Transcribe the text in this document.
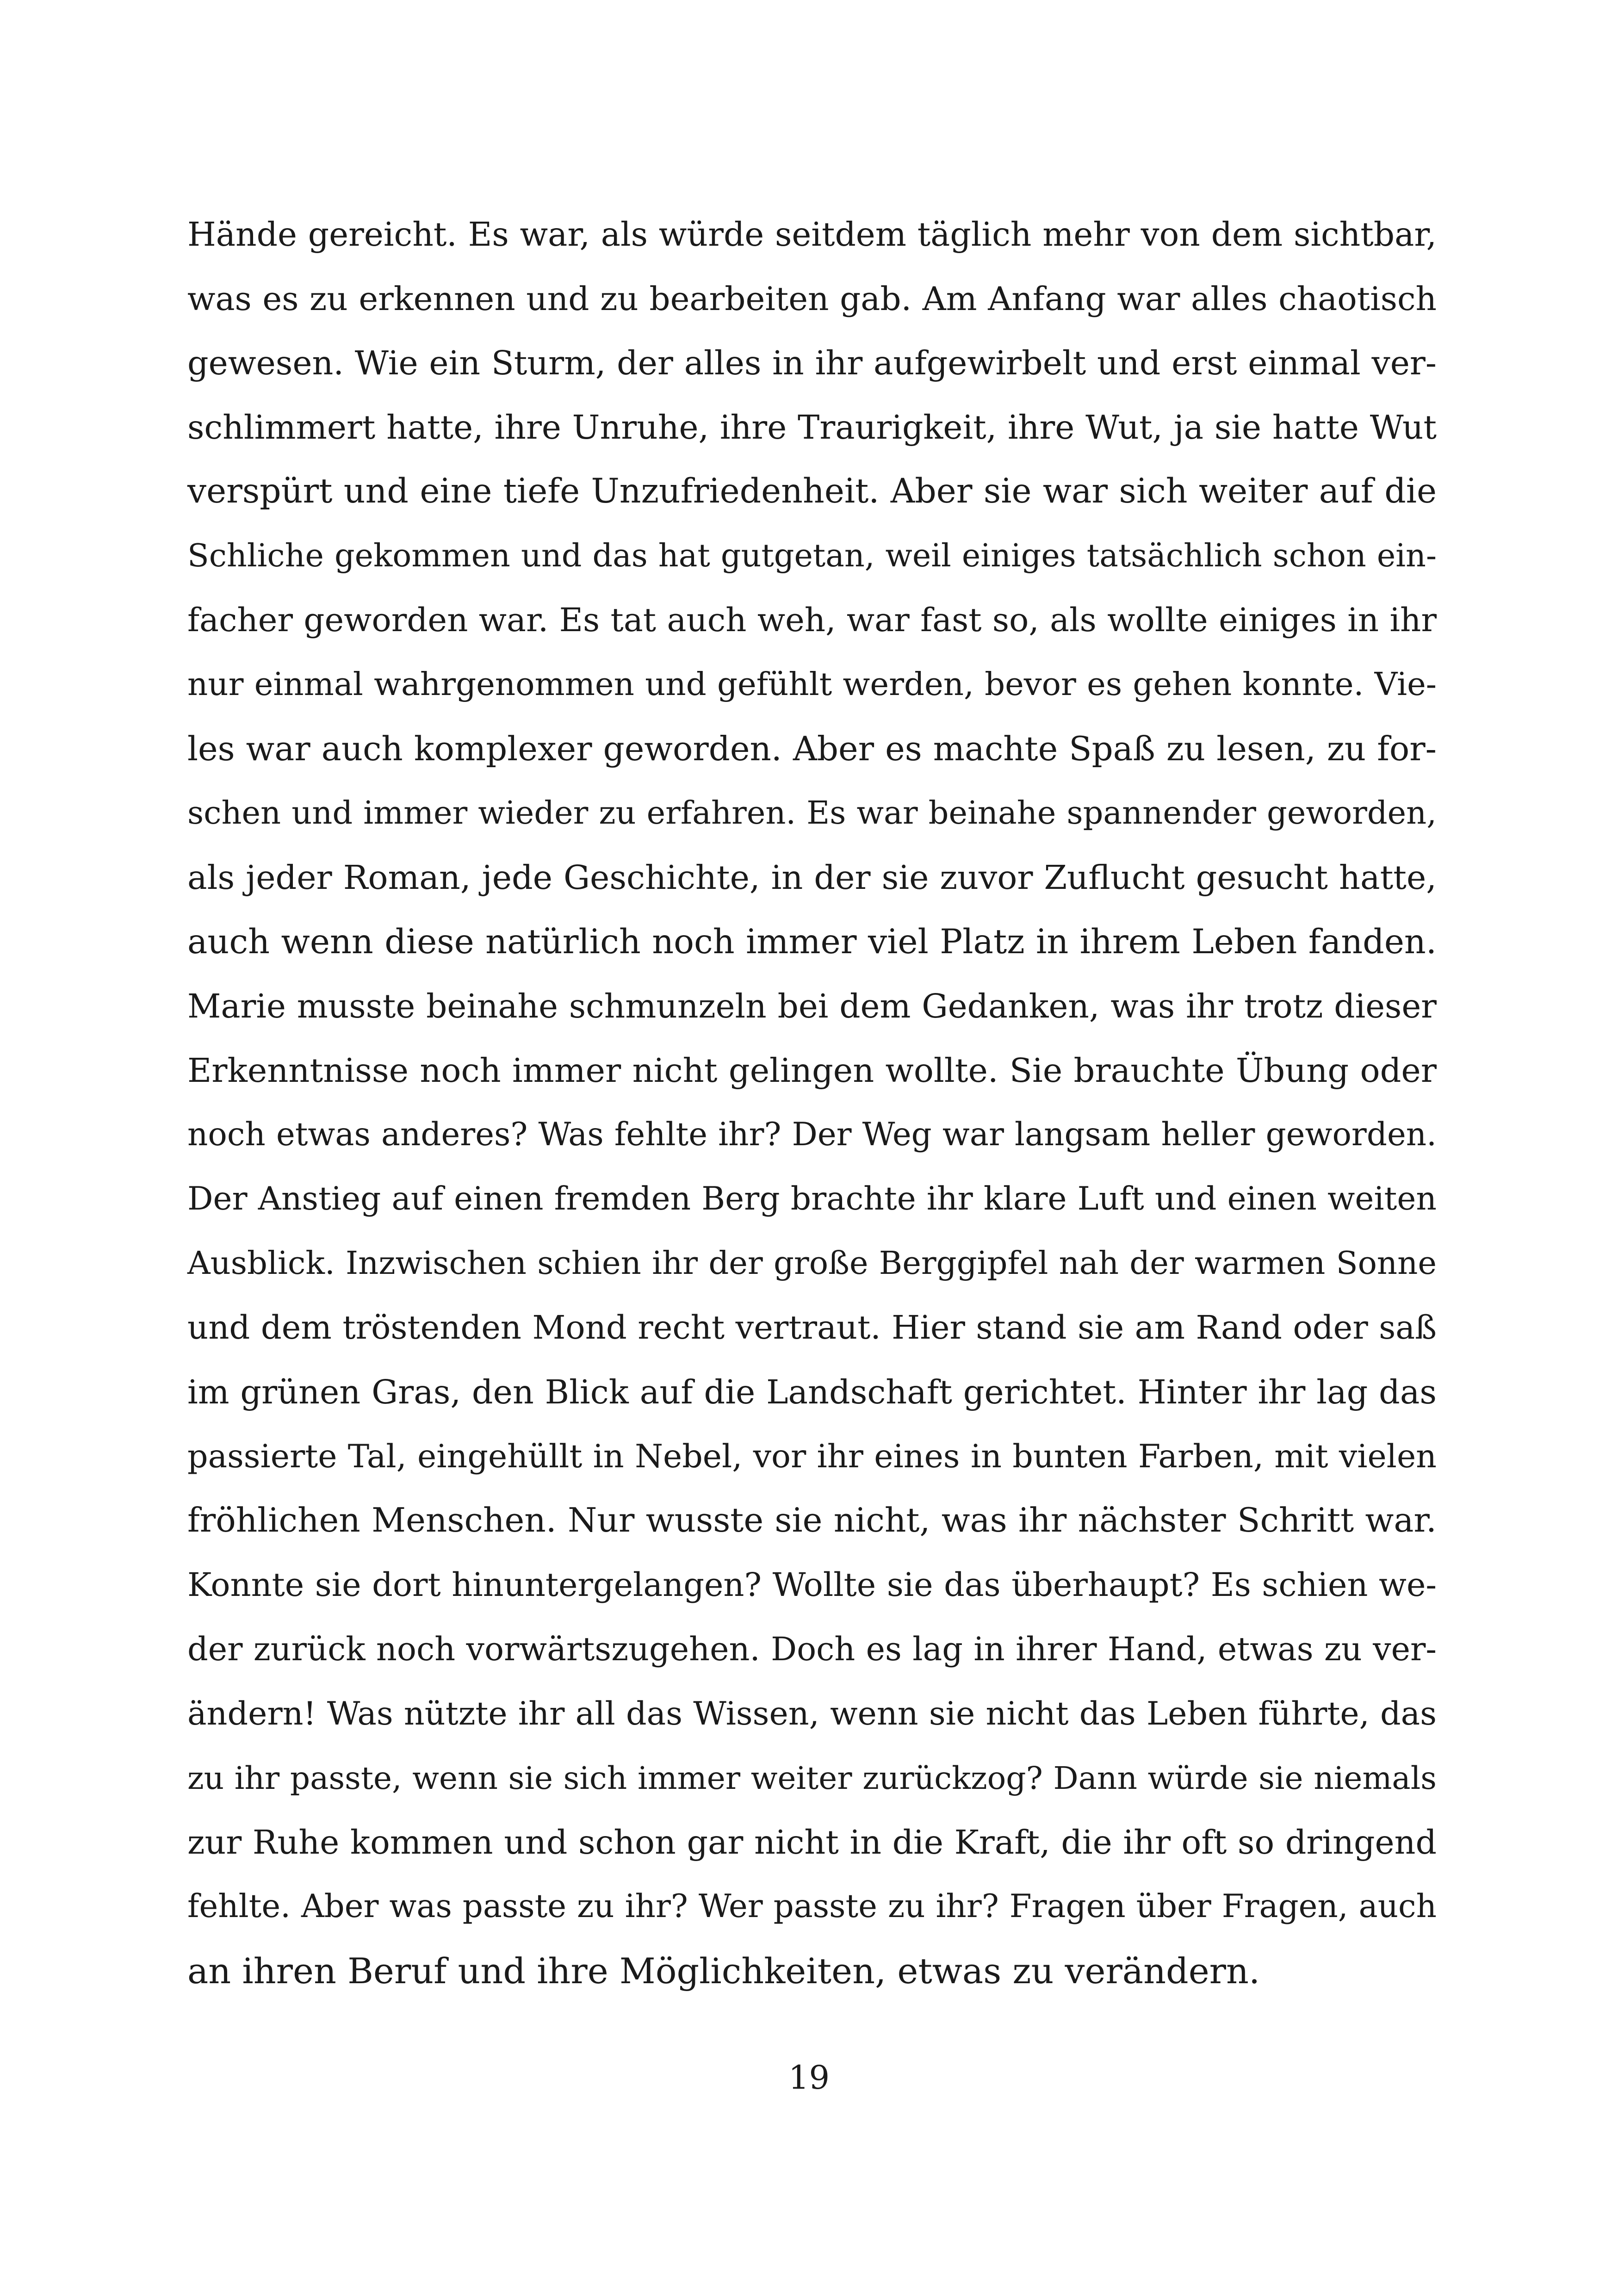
Hände gereicht. Es war, als würde seitdem täglich mehr von dem sichtbar,
was es zu erkennen und zu bearbeiten gab. Am Anfang war alles chaotisch
gewesen. Wie ein Sturm, der alles in ihr aufgewirbelt und erst einmal ver-
schlimmert hatte, ihre Unruhe, ihre Traurigkeit, ihre Wut, ja sie hatte Wut
verspürt und eine tiefe Unzufriedenheit. Aber sie war sich weiter auf die
Schliche gekommen und das hat gutgetan, weil einiges tatsächlich schon ein-
facher geworden war. Es tat auch weh, war fast so, als wollte einiges in ihr
nur einmal wahrgenommen und gefühlt werden, bevor es gehen konnte. Vie-
les war auch komplexer geworden. Aber es machte Spaß zu lesen, zu for-
schen und immer wieder zu erfahren. Es war beinahe spannender geworden,
als jeder Roman, jede Geschichte, in der sie zuvor Zuflucht gesucht hatte,
auch wenn diese natürlich noch immer viel Platz in ihrem Leben fanden.
Marie musste beinahe schmunzeln bei dem Gedanken, was ihr trotz dieser
Erkenntnisse noch immer nicht gelingen wollte. Sie brauchte Übung oder
noch etwas anderes? Was fehlte ihr? Der Weg war langsam heller geworden.
Der Anstieg auf einen fremden Berg brachte ihr klare Luft und einen weiten
Ausblick. Inzwischen schien ihr der große Berggipfel nah der warmen Sonne
und dem tröstenden Mond recht vertraut. Hier stand sie am Rand oder saß
im grünen Gras, den Blick auf die Landschaft gerichtet. Hinter ihr lag das
passierte Tal, eingehüllt in Nebel, vor ihr eines in bunten Farben, mit vielen
fröhlichen Menschen. Nur wusste sie nicht, was ihr nächster Schritt war.
Konnte sie dort hinuntergelangen? Wollte sie das überhaupt? Es schien we-
der zurück noch vorwärtszugehen. Doch es lag in ihrer Hand, etwas zu ver-
ändern! Was nützte ihr all das Wissen, wenn sie nicht das Leben führte, das
zu ihr passte, wenn sie sich immer weiter zurückzog? Dann würde sie niemals
zur Ruhe kommen und schon gar nicht in die Kraft, die ihr oft so dringend
fehlte. Aber was passte zu ihr? Wer passte zu ihr? Fragen über Fragen, auch
an ihren Beruf und ihre Möglichkeiten, etwas zu verändern.
19
